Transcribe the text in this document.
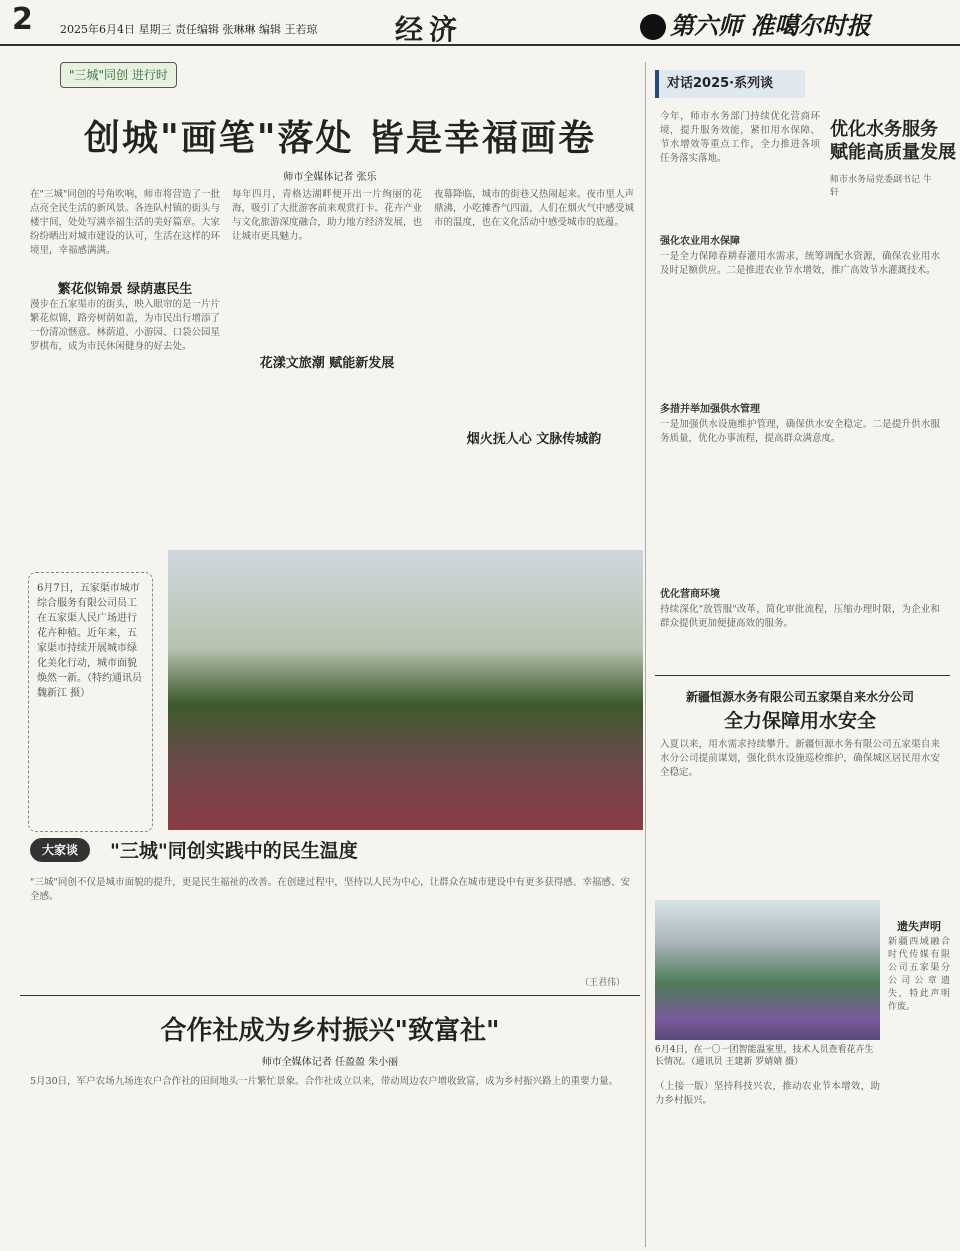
2 2025年6月4日 星期三 责任编辑 张琳琳 编辑 王若琼	经济	第六师 准噶尔时报
"三城"同创 进行时
创城"画笔"落处 皆是幸福画卷
师市全媒体记者 张乐
在"三城"同创的号角吹响，师市将营造了一批点亮全民生活的新风景。各连队村镇的街头与楼宇间，处处写满幸福生活的美好篇章。大家纷纷晒出对城市建设的认可，生活在这样的环境里，幸福感满满。
繁花似锦景 绿荫惠民生
漫步在五家渠市的街头，映入眼帘的是一片片繁花似锦，路旁树荫如盖，为市民出行增添了一份清凉惬意。林荫道、小游园、口袋公园星罗棋布，成为市民休闲健身的好去处。
每年四月，青格达湖畔便开出一片绚丽的花海，吸引了大批游客前来观赏打卡。花卉产业与文化旅游深度融合，助力地方经济发展，也让城市更具魅力。
花漾文旅潮 赋能新发展
夜幕降临，城市的街巷又热闹起来。夜市里人声鼎沸，小吃摊香气四溢，人们在烟火气中感受城市的温度，也在文化活动中感受城市的底蕴。
烟火抚人心 文脉传城韵
6月7日，五家渠市城市综合服务有限公司员工在五家渠人民广场进行花卉种植。近年来，五家渠市持续开展城市绿化美化行动，城市面貌焕然一新。（特约通讯员 魏新江 摄）
大家谈	"三城"同创实践中的民生温度
"三城"同创不仅是城市面貌的提升，更是民生福祉的改善。在创建过程中，坚持以人民为中心，让群众在城市建设中有更多获得感、幸福感、安全感。
（王君伟）
合作社成为乡村振兴"致富社"
师市全媒体记者 任盈盈 朱小丽
5月30日，军户农场九场连农户合作社的田间地头一片繁忙景象。合作社成立以来，带动周边农户增收致富，成为乡村振兴路上的重要力量。
对话2025·系列谈
优化水务服务
赋能高质量发展
师市水务局党委副书记 牛轩
今年，师市水务部门持续优化营商环境，提升服务效能，紧扣用水保障、节水增效等重点工作，全力推进各项任务落实落地。
强化农业用水保障
一是全力保障春耕春灌用水需求，统筹调配水资源，确保农业用水及时足额供应。二是推进农业节水增效，推广高效节水灌溉技术。
多措并举加强供水管理
一是加强供水设施维护管理，确保供水安全稳定。二是提升供水服务质量，优化办事流程，提高群众满意度。
优化营商环境
持续深化"放管服"改革，简化审批流程，压缩办理时限，为企业和群众提供更加便捷高效的服务。
新疆恒源水务有限公司五家渠自来水分公司
全力保障用水安全
入夏以来，用水需求持续攀升。新疆恒源水务有限公司五家渠自来水分公司提前谋划，强化供水设施巡检维护，确保城区居民用水安全稳定。
6月4日，在一〇一团智能温室里，技术人员查看花卉生长情况。（通讯员 王建新 罗婧婧 摄）
（上接一版）坚持科技兴农，推动农业节本增效，助力乡村振兴。
遗失声明
新疆西域融合时代传媒有限公司五家渠分公司公章遗失，特此声明作废。
